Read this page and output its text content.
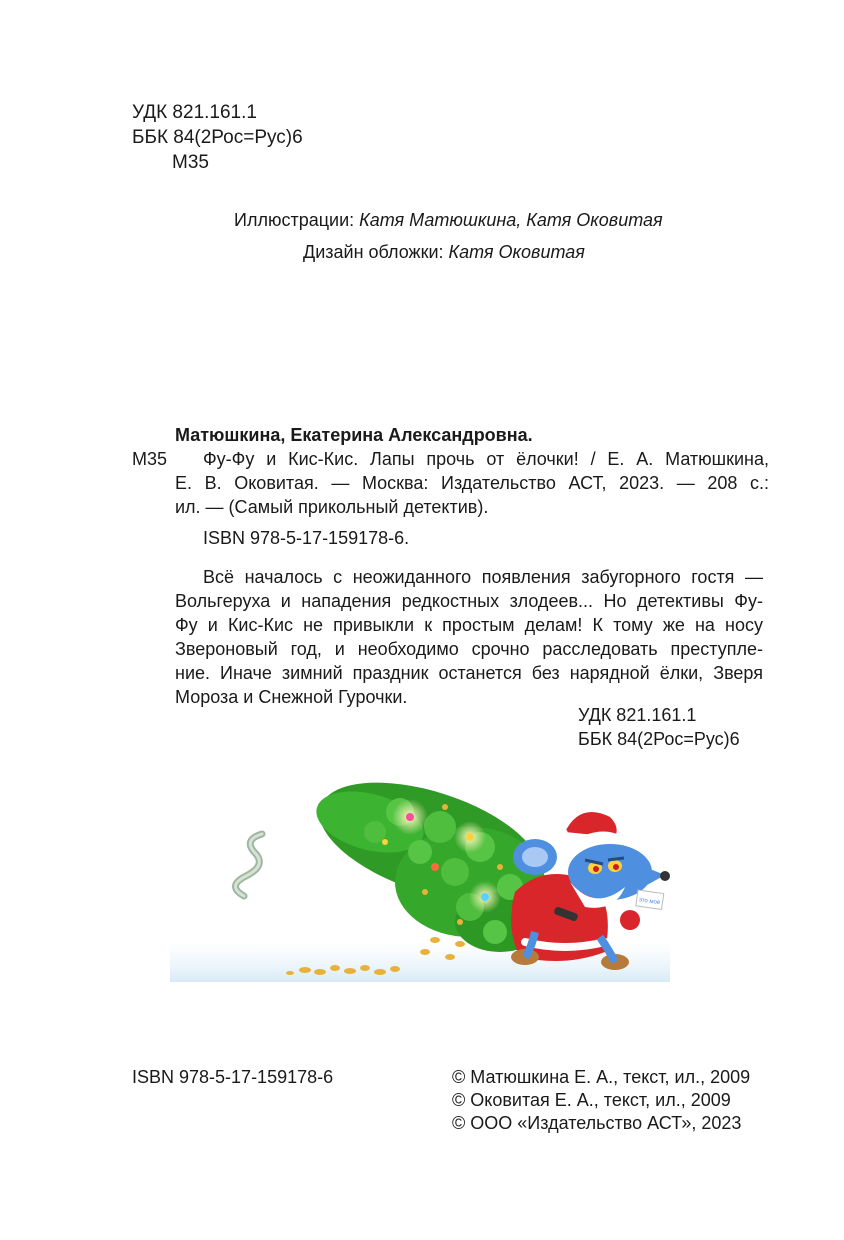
УДК 821.161.1
ББК 84(2Рос=Рус)6
М35
Иллюстрации: Катя Матюшкина, Катя Оковитая
Дизайн обложки: Катя Оковитая
Матюшкина, Екатерина Александровна.
М35 Фу-Фу и Кис-Кис. Лапы прочь от ёлочки! / Е. А. Матюшкина,
Е. В. Оковитая. — Москва: Издательство АСТ, 2023. — 208 с.:
ил. — (Самый прикольный детектив).
ISBN 978-5-17-159178-6.
Всё началось с неожиданного появления забугорного гостя —
Вольгеруха и нападения редкостных злодеев... Но детективы Фу-
Фу и Кис-Кис не привыкли к простым делам! К тому же на носу
Звероновый год, и необходимо срочно расследовать преступле-
ние. Иначе зимний праздник останется без нарядной ёлки, Зверя
Мороза и Снежной Гурочки.
УДК 821.161.1
ББК 84(2Рос=Рус)6
это моё
ISBN 978-5-17-159178-6	© Матюшкина Е. А., текст, ил., 2009
© Оковитая Е. А., текст, ил., 2009
© ООО «Издательство АСТ», 2023
